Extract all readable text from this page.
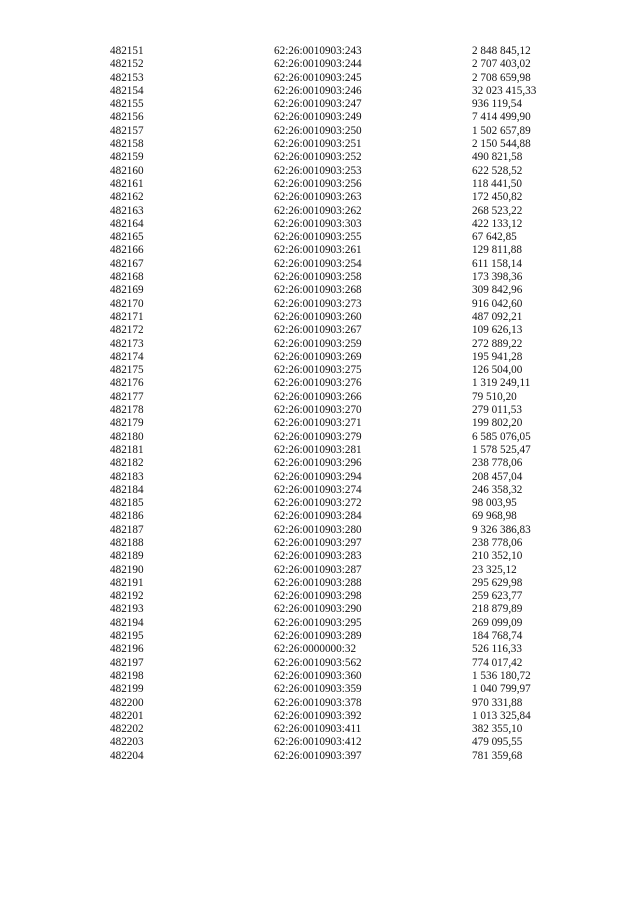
482151	62:26:0010903:243	2 848 845,12
482152	62:26:0010903:244	2 707 403,02
482153	62:26:0010903:245	2 708 659,98
482154	62:26:0010903:246	32 023 415,33
482155	62:26:0010903:247	936 119,54
482156	62:26:0010903:249	7 414 499,90
482157	62:26:0010903:250	1 502 657,89
482158	62:26:0010903:251	2 150 544,88
482159	62:26:0010903:252	490 821,58
482160	62:26:0010903:253	622 528,52
482161	62:26:0010903:256	118 441,50
482162	62:26:0010903:263	172 450,82
482163	62:26:0010903:262	268 523,22
482164	62:26:0010903:303	422 133,12
482165	62:26:0010903:255	67 642,85
482166	62:26:0010903:261	129 811,88
482167	62:26:0010903:254	611 158,14
482168	62:26:0010903:258	173 398,36
482169	62:26:0010903:268	309 842,96
482170	62:26:0010903:273	916 042,60
482171	62:26:0010903:260	487 092,21
482172	62:26:0010903:267	109 626,13
482173	62:26:0010903:259	272 889,22
482174	62:26:0010903:269	195 941,28
482175	62:26:0010903:275	126 504,00
482176	62:26:0010903:276	1 319 249,11
482177	62:26:0010903:266	79 510,20
482178	62:26:0010903:270	279 011,53
482179	62:26:0010903:271	199 802,20
482180	62:26:0010903:279	6 585 076,05
482181	62:26:0010903:281	1 578 525,47
482182	62:26:0010903:296	238 778,06
482183	62:26:0010903:294	208 457,04
482184	62:26:0010903:274	246 358,32
482185	62:26:0010903:272	98 003,95
482186	62:26:0010903:284	69 968,98
482187	62:26:0010903:280	9 326 386,83
482188	62:26:0010903:297	238 778,06
482189	62:26:0010903:283	210 352,10
482190	62:26:0010903:287	23 325,12
482191	62:26:0010903:288	295 629,98
482192	62:26:0010903:298	259 623,77
482193	62:26:0010903:290	218 879,89
482194	62:26:0010903:295	269 099,09
482195	62:26:0010903:289	184 768,74
482196	62:26:0000000:32	526 116,33
482197	62:26:0010903:562	774 017,42
482198	62:26:0010903:360	1 536 180,72
482199	62:26:0010903:359	1 040 799,97
482200	62:26:0010903:378	970 331,88
482201	62:26:0010903:392	1 013 325,84
482202	62:26:0010903:411	382 355,10
482203	62:26:0010903:412	479 095,55
482204	62:26:0010903:397	781 359,68
